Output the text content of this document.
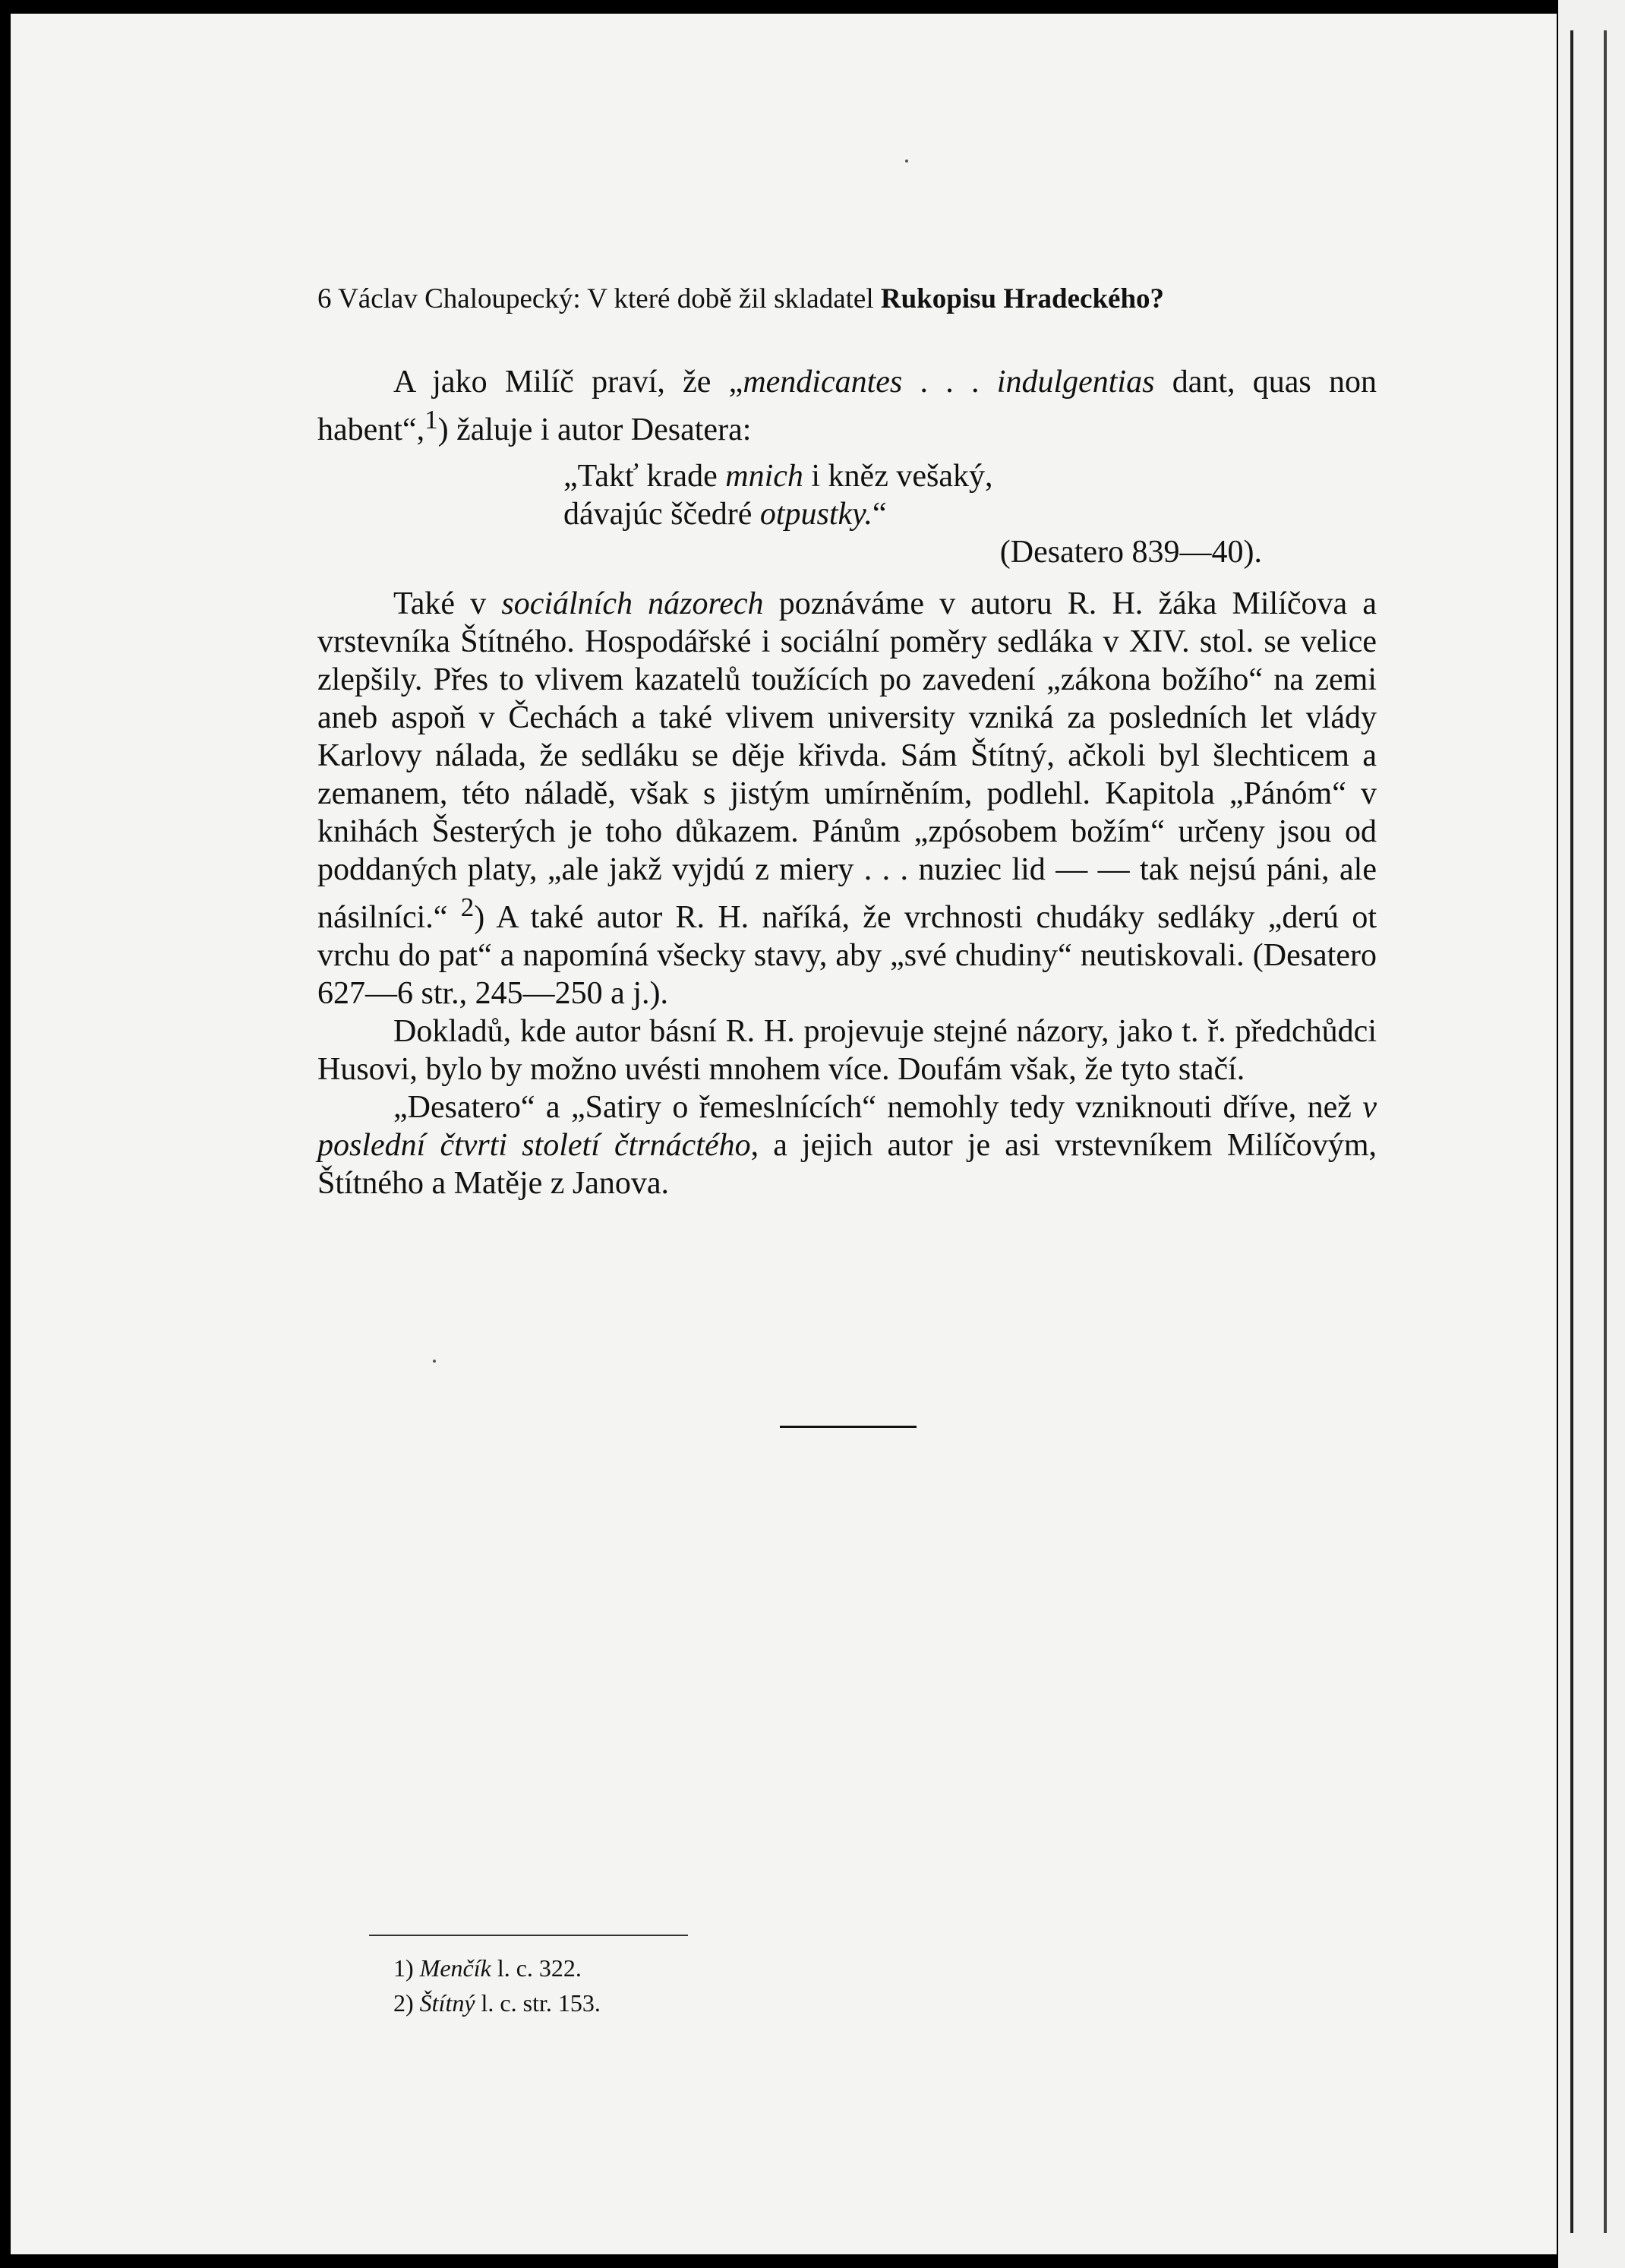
6 Václav Chaloupecký: V které době žil skladatel Rukopisu Hradeckého?

A jako Milíč praví, že „mendicantes . . . indulgentias dant, quas non habent“,$^1$) žaluje i autor Desatera:

„Takť krade mnich i kněz vešaký,
dávajúc ščedré otpustky.“
(Desatero 839—40).

Také v sociálních názorech poznáváme v autoru R. H. žáka Milíčova a vrstevníka Štítného. Hospodářské i sociální poměry sedláka v XIV. stol. se velice zlepšily. Přes to vlivem kazatelů toužících po zavedení „zákona božího“ na zemi aneb aspoň v Čechách a také vlivem university vzniká za posledních let vlády Karlovy nálada, že sedláku se děje křivda. Sám Štítný, ačkoli byl šlechticem a zemanem, této náladě, však s jistým umírněním, podlehl. Kapitola „Pánóm“ v knihách Šesterých je toho důkazem. Pánům „zpósobem božím“ určeny jsou od poddaných platy, „ale jakž vyjdú z miery . . . nuziec lid — — tak nejsú páni, ale násilníci.“ $^2$) A také autor R. H. naříká, že vrchnosti chudáky sedláky „derú ot vrchu do pat“ a napomíná všecky stavy, aby „své chudiny“ neutiskovali. (Desatero 627—6 str., 245—250 a j.).

Dokladů, kde autor básní R. H. projevuje stejné názory, jako t. ř. předchůdci Husovi, bylo by možno uvésti mnohem více. Doufám však, že tyto stačí.

„Desatero“ a „Satiry o řemeslnících“ nemohly tedy vzniknouti dříve, než v poslední čtvrti století čtrnáctého, a jejich autor je asi vrstevníkem Milíčovým, Štítného a Matěje z Janova.

1) Menčík l. c. 322.
2) Štítný l. c. str. 153.
